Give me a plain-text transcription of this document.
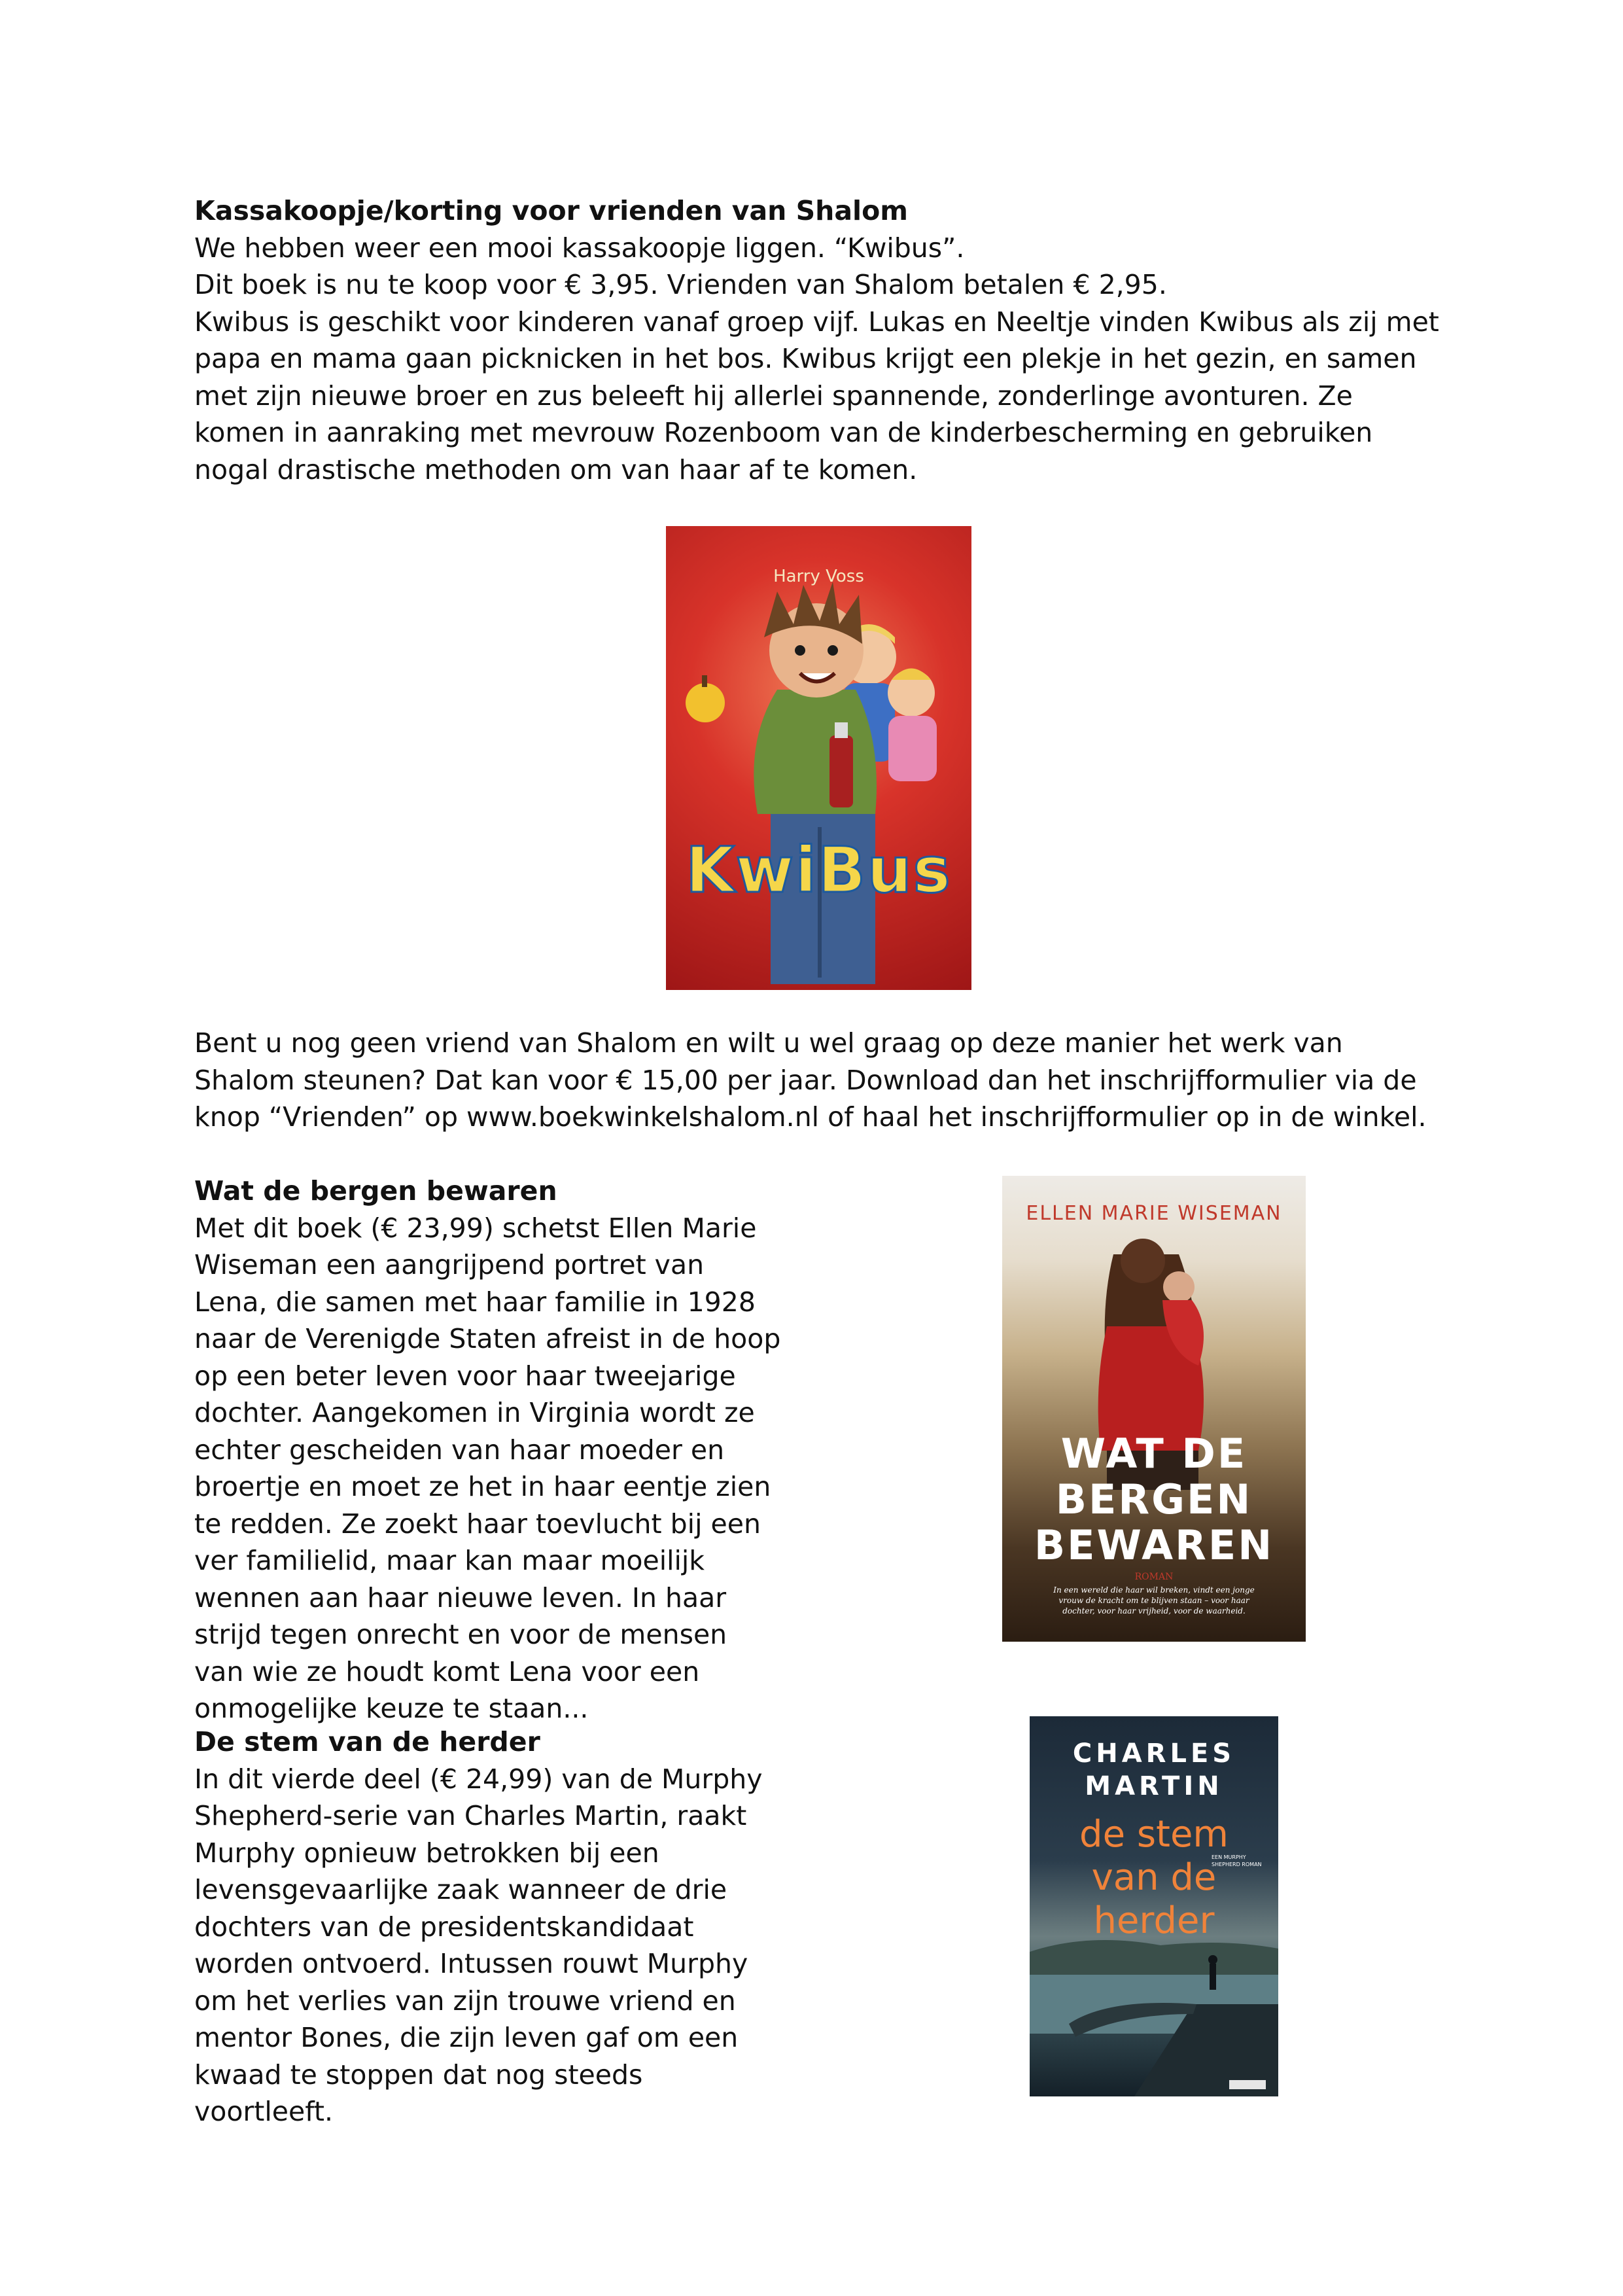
Kassakoopje/korting voor vrienden van Shalom

We hebben weer een mooi kassakoopje liggen. “Kwibus”.

Dit boek is nu te koop voor € 3,95. Vrienden van Shalom betalen € 2,95.

Kwibus is geschikt voor kinderen vanaf groep vijf. Lukas en Neeltje vinden Kwibus als zij met papa en mama gaan picknicken in het bos. Kwibus krijgt een plekje in het gezin, en samen met zijn nieuwe broer en zus beleeft hij allerlei spannende, zonderlinge avonturen. Ze komen in aanraking met mevrouw Rozenboom van de kinderbescherming en gebruiken nogal drastische methoden om van haar af te komen.

Harry Voss
KwiBus

Bent u nog geen vriend van Shalom en wilt u wel graag op deze manier het werk van Shalom steunen? Dat kan voor € 15,00 per jaar. Download dan het inschrijfformulier via de knop “Vrienden” op www.boekwinkelshalom.nl of haal het inschrijfformulier op in de winkel.

Wat de bergen bewaren

Met dit boek (€ 23,99) schetst Ellen Marie Wiseman een aangrijpend portret van Lena, die samen met haar familie in 1928 naar de Verenigde Staten afreist in de hoop op een beter leven voor haar tweejarige dochter. Aangekomen in Virginia wordt ze echter gescheiden van haar moeder en broertje en moet ze het in haar eentje zien te redden. Ze zoekt haar toevlucht bij een ver familielid, maar kan maar moeilijk wennen aan haar nieuwe leven. In haar strijd tegen onrecht en voor de mensen van wie ze houdt komt Lena voor een onmogelijke keuze te staan...

ELLEN MARIE WISEMAN
WAT DE
BERGEN
BEWAREN
ROMAN
In een wereld die haar wil breken, vindt een jonge vrouw de kracht om te blijven staan – voor haar dochter, voor haar vrijheid, voor de waarheid.

De stem van de herder

In dit vierde deel (€ 24,99) van de Murphy Shepherd-serie van Charles Martin, raakt Murphy opnieuw betrokken bij een levensgevaarlijke zaak wanneer de drie dochters van de presidentskandidaat worden ontvoerd. Intussen rouwt Murphy om het verlies van zijn trouwe vriend en mentor Bones, die zijn leven gaf om een kwaad te stoppen dat nog steeds voortleeft.

CHARLES
MARTIN
de stem
van de
herder
EEN MURPHY SHEPHERD ROMAN
